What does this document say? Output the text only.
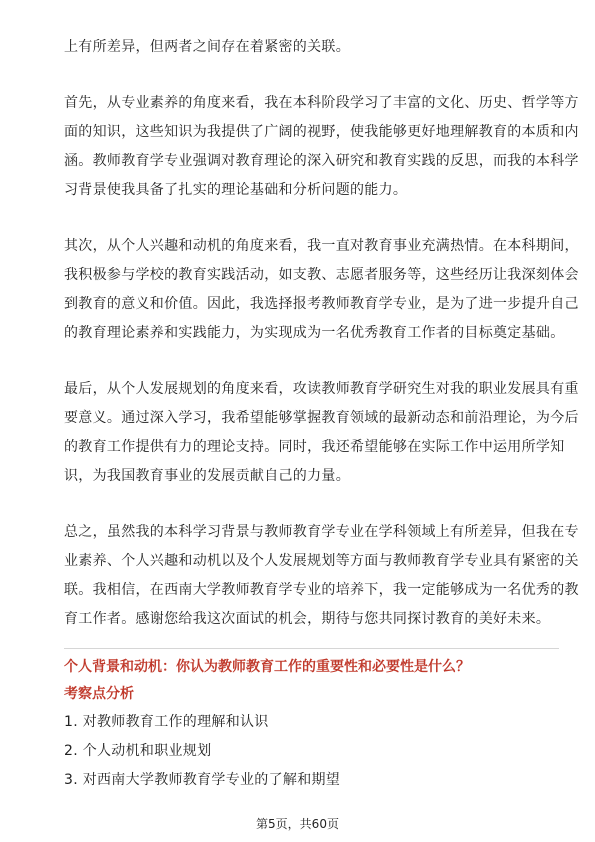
上有所差异，但两者之间存在着紧密的关联。
首先，从专业素养的角度来看，我在本科阶段学习了丰富的文化、历史、哲学等方
面的知识，这些知识为我提供了广阔的视野，使我能够更好地理解教育的本质和内
涵。教师教育学专业强调对教育理论的深入研究和教育实践的反思，而我的本科学
习背景使我具备了扎实的理论基础和分析问题的能力。
其次，从个人兴趣和动机的角度来看，我一直对教育事业充满热情。在本科期间，
我积极参与学校的教育实践活动，如支教、志愿者服务等，这些经历让我深刻体会
到教育的意义和价值。因此，我选择报考教师教育学专业，是为了进一步提升自己
的教育理论素养和实践能力，为实现成为一名优秀教育工作者的目标奠定基础。
最后，从个人发展规划的角度来看，攻读教师教育学研究生对我的职业发展具有重
要意义。通过深入学习，我希望能够掌握教育领域的最新动态和前沿理论，为今后
的教育工作提供有力的理论支持。同时，我还希望能够在实际工作中运用所学知
识，为我国教育事业的发展贡献自己的力量。
总之，虽然我的本科学习背景与教师教育学专业在学科领域上有所差异，但我在专
业素养、个人兴趣和动机以及个人发展规划等方面与教师教育学专业具有紧密的关
联。我相信，在西南大学教师教育学专业的培养下，我一定能够成为一名优秀的教
育工作者。感谢您给我这次面试的机会，期待与您共同探讨教育的美好未来。
个人背景和动机：你认为教师教育工作的重要性和必要性是什么？
考察点分析
1. 对教师教育工作的理解和认识
2. 个人动机和职业规划
3. 对西南大学教师教育学专业的了解和期望
第5页，共60页
